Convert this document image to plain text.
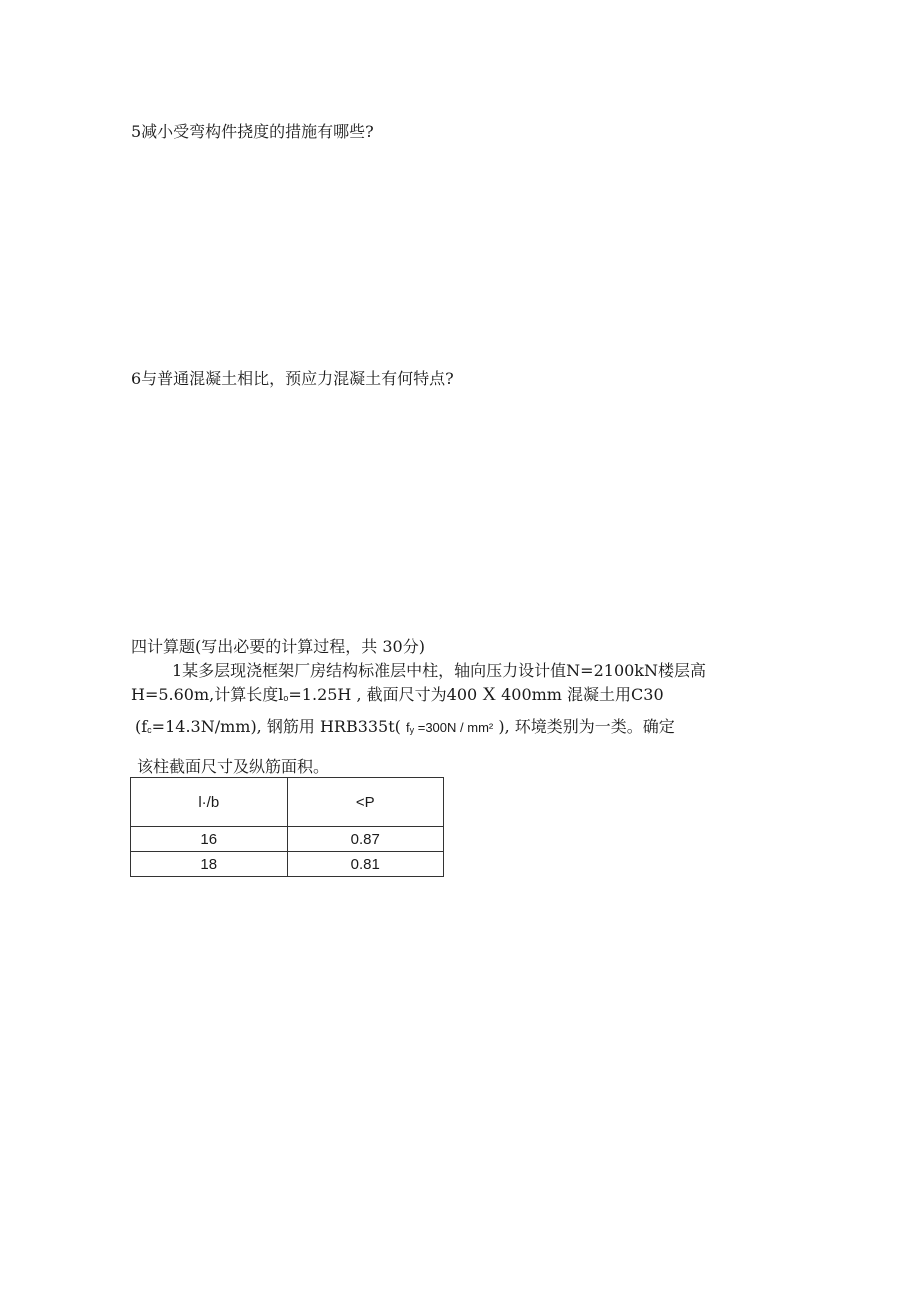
5减小受弯构件挠度的措施有哪些?
6与普通混凝土相比，预应力混凝土有何特点?
四计算题(写出必要的计算过程，共 30分)
1某多层现浇框架厂房结构标准层中柱，轴向压力设计值N=2100kN楼层高
H=5.60m,计算长度lo=1.25H , 截面尺寸为400 X 400mm 混凝土用C30
(fc=14.3N/mm), 钢筋用 HRB335t( fy =300N / mm² ), 环境类别为一类。确定
该柱截面尺寸及纵筋面积。
l·/b	<P
16	0.87
18	0.81
